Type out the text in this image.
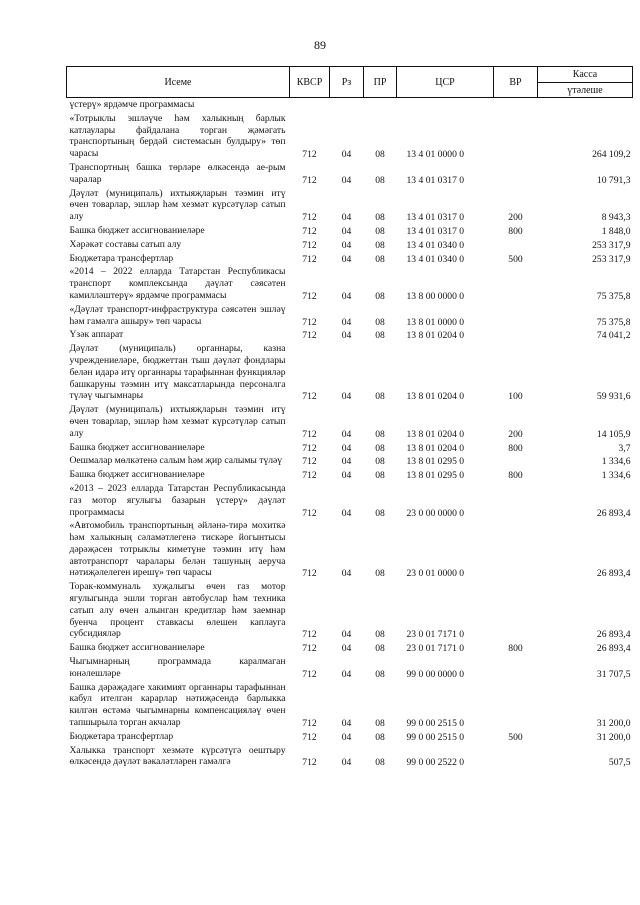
89
Исеме	КВСР	Рз	ПР	ЦСР	ВР	Касса
үтәлеше

үстерү» ярдәмче программасы						
«Тотрыклы эшләүче һәм халыкның барлык катлаулары файдалана торган җәмәгать транспортының бердәй системасын булдыру» төп чарасы	712	04	08	13 4 01 0000 0		264 109,2
Транспортның башка төрләре өлкәсендә ае-рым чаралар	712	04	08	13 4 01 0317 0		10 791,3
Дәүләт (муниципаль) ихтыяҗларын тәэмин итү өчен товарлар, эшләр һәм хезмәт күрсәтүләр сатып алу	712	04	08	13 4 01 0317 0	200	8 943,3
Башка бюджет ассигнованиеләре	712	04	08	13 4 01 0317 0	800	1 848,0
Хәрәкәт составы сатып алу	712	04	08	13 4 01 0340 0		253 317,9
Бюджетара трансфертлар	712	04	08	13 4 01 0340 0	500	253 317,9
«2014 – 2022 елларда Татарстан Республикасы транспорт комплексында дәүләт сәясәтен камилләштерү» ярдәмче программасы	712	04	08	13 8 00 0000 0		75 375,8
«Дәүләт транспорт-инфраструктура сәясәтен эшләү һәм гамәлгә ашыру» төп чарасы	712	04	08	13 8 01 0000 0		75 375,8
Үзәк аппарат	712	04	08	13 8 01 0204 0		74 041,2
Дәүләт (муниципаль) органнары, казна учреждениеләре, бюджеттан тыш дәүләт фондлары белән идарә итү органнары тарафыннан функцияләр башкаруны тәэмин итү максатларында персоналга түләү чыгымнары	712	04	08	13 8 01 0204 0	100	59 931,6
Дәүләт (муниципаль) ихтыяҗларын тәэмин итү өчен товарлар, эшләр һәм хезмәт күрсәтүләр сатып алу	712	04	08	13 8 01 0204 0	200	14 105,9
Башка бюджет ассигнованиеләре	712	04	08	13 8 01 0204 0	800	3,7
Оешмалар мөлкәтенә салым һәм җир салымы түләү	712	04	08	13 8 01 0295 0		1 334,6
Башка бюджет ассигнованиеләре	712	04	08	13 8 01 0295 0	800	1 334,6
«2013 – 2023 елларда Татарстан Республикасында газ мотор ягулыгы базарын үстерү» дәүләт программасы	712	04	08	23 0 00 0000 0		26 893,4
«Автомобиль транспортының әйләнә-тирә мохиткә һәм халыкның сәламәтлегенә тискәре йогынтысы дәрәҗәсен тотрыклы киметүне тәэмин итү һәм автотранспорт чаралары белән ташуның аеруча нәтиҗәлелеген ирешү» төп чарасы	712	04	08	23 0 01 0000 0		26 893,4
Торак-коммуналь хуҗалыгы өчен газ мотор ягулыгында эшли торган автобуслар һәм техника сатып алу өчен алынган кредитлар һәм заемнар буенча процент ставкасы өлешен каплауга субсидияләр	712	04	08	23 0 01 7171 0		26 893,4
Башка бюджет ассигнованиеләре	712	04	08	23 0 01 7171 0	800	26 893,4
Чыгымнарның программада каралмаган юнәлешләре	712	04	08	99 0 00 0000 0		31 707,5
Башка дәрәҗәдәге хакимият органнары тарафыннан кабул ителгән карарлар нәтиҗәсендә барлыкка килгән өстәмә чыгымнарны компенсацияләү өчен тапшырыла торган акчалар	712	04	08	99 0 00 2515 0		31 200,0
Бюджетара трансфертлар	712	04	08	99 0 00 2515 0	500	31 200,0
Халыкка транспорт хезмәте күрсәтүгә оештыру өлкәсендә дәүләт вәкаләтләрен гамәлгә	712	04	08	99 0 00 2522 0		507,5
